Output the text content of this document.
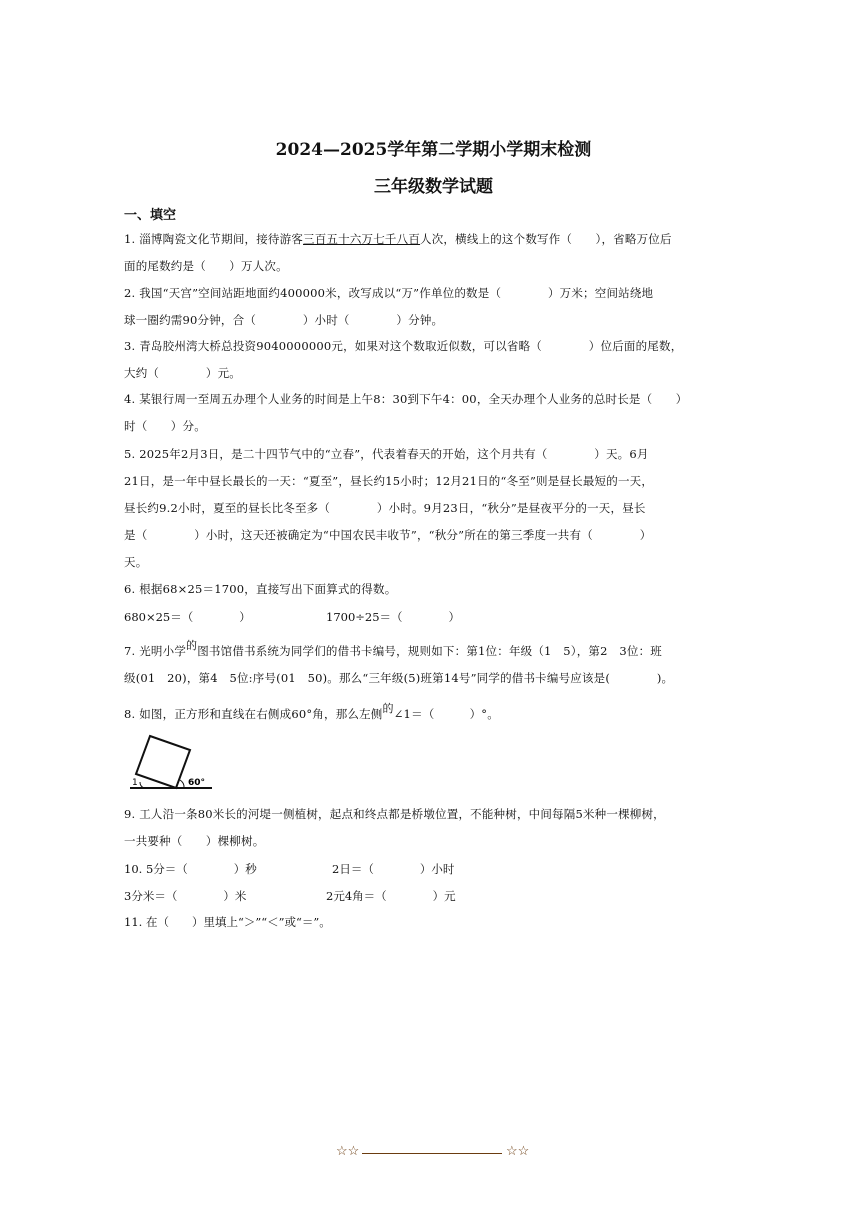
2024—2025学年第二学期小学期末检测
三年级数学试题
一、填空
1. 淄博陶瓷文化节期间，接待游客三百五十六万七千八百人次，横线上的这个数写作（　　），省略万位后
面的尾数约是（　　）万人次。
2. 我国“天宫”空间站距地面约400000米，改写成以“万”作单位的数是（　　　　）万米；空间站绕地
球一圈约需90分钟，合（　　　　）小时（　　　　）分钟。
3. 青岛胶州湾大桥总投资9040000000元，如果对这个数取近似数，可以省略（　　　　）位后面的尾数，
大约（　　　　）元。
4. 某银行周一至周五办理个人业务的时间是上午8：30到下午4：00，全天办理个人业务的总时长是（　　）
时（　　）分。
5. 2025年2月3日，是二十四节气中的“立春”，代表着春天的开始，这个月共有（　　　　）天。6月
21日，是一年中昼长最长的一天：“夏至”，昼长约15小时；12月21日的“冬至”则是昼长最短的一天，
昼长约9.2小时，夏至的昼长比冬至多（　　　　）小时。9月23日，“秋分”是昼夜平分的一天，昼长
是（　　　　）小时，这天还被确定为“中国农民丰收节”，“秋分”所在的第三季度一共有（　　　　）
天。
6. 根据68×25＝1700，直接写出下面算式的得数。
680×25＝（　　　　）	1700÷25＝（　　　　）
7. 光明小学的图书馆借书系统为同学们的借书卡编号，规则如下：第1位：年级（1　5），第2　3位：班
级(01　20)，第4　5位:序号(01　50)。那么“三年级(5)班第14号”同学的借书卡编号应该是(　　　　)。
8. 如图，正方形和直线在右侧成60°角，那么左侧的∠1＝（　　　）°。
1	60°
9. 工人沿一条80米长的河堤一侧植树，起点和终点都是桥墩位置，不能种树，中间每隔5米种一棵柳树，
一共要种（　　）棵柳树。
10. 5分＝（　　　　）秒	2日＝（　　　　）小时
3分米＝（　　　　）米	2元4角＝（　　　　）元
11. 在（　　）里填上“＞”“＜”或“＝”。
☆☆	☆☆
